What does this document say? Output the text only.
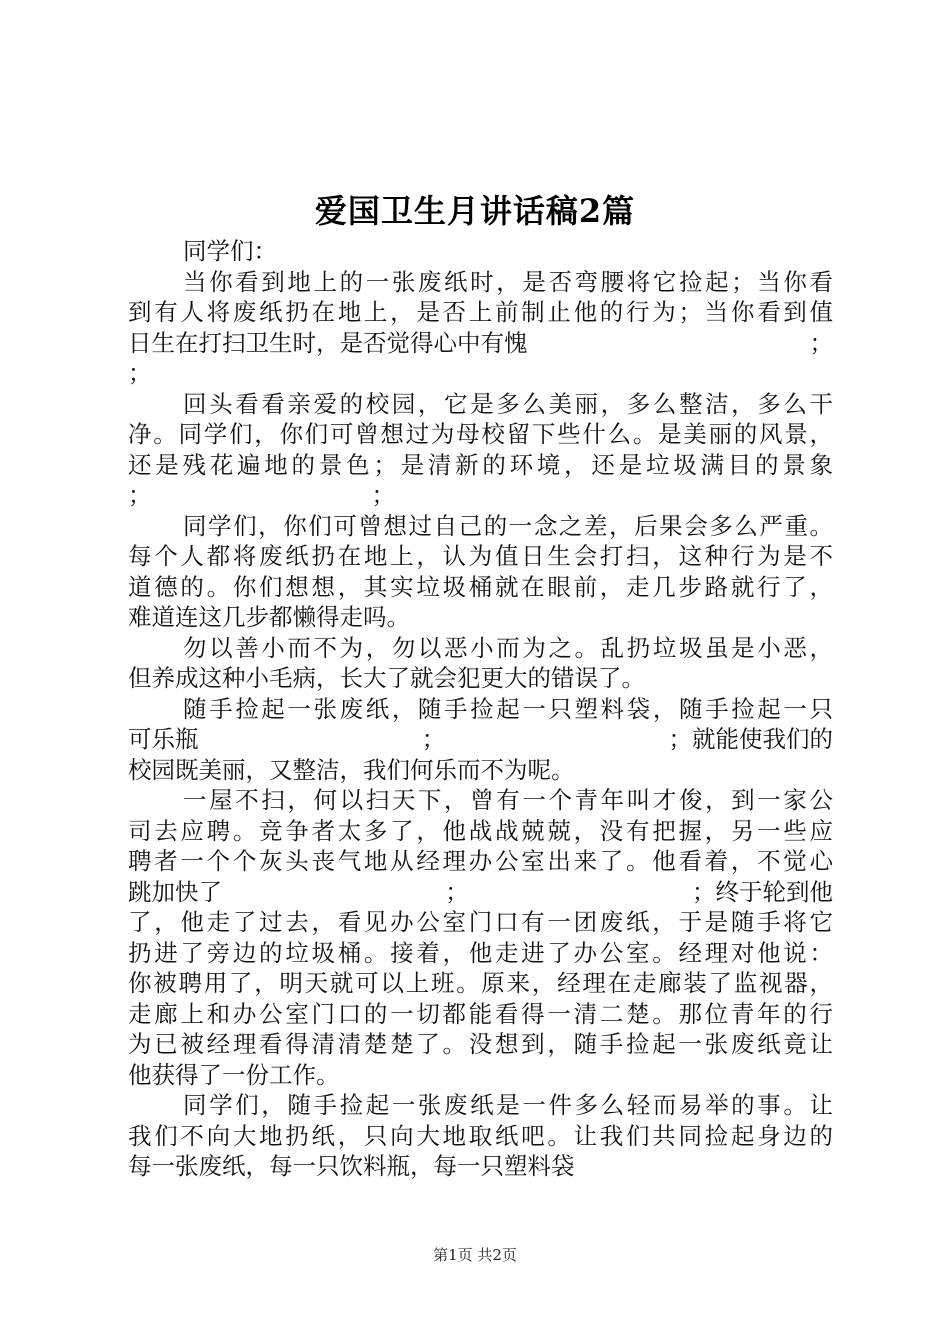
爱国卫生月讲话稿2篇
同学们：
当你看到地上的一张废纸时，是否弯腰将它捡起；当你看
到有人将废纸扔在地上，是否上前制止他的行为；当你看到值
日生在打扫卫生时，是否觉得心中有愧	；
；
回头看看亲爱的校园，它是多么美丽，多么整洁，多么干
净。同学们，你们可曾想过为母校留下些什么。是美丽的风景，
还是残花遍地的景色；是清新的环境，还是垃圾满目的景象
；	；
同学们，你们可曾想过自己的一念之差，后果会多么严重。
每个人都将废纸扔在地上，认为值日生会打扫，这种行为是不
道德的。你们想想，其实垃圾桶就在眼前，走几步路就行了，
难道连这几步都懒得走吗。
勿以善小而不为，勿以恶小而为之。乱扔垃圾虽是小恶，
但养成这种小毛病，长大了就会犯更大的错误了。
随手捡起一张废纸，随手捡起一只塑料袋，随手捡起一只
可乐瓶	；	；就能使我们的
校园既美丽，又整洁，我们何乐而不为呢。
一屋不扫，何以扫天下，曾有一个青年叫才俊，到一家公
司去应聘。竞争者太多了，他战战兢兢，没有把握，另一些应
聘者一个个灰头丧气地从经理办公室出来了。他看着，不觉心
跳加快了	；	；终于轮到他
了，他走了过去，看见办公室门口有一团废纸，于是随手将它
扔进了旁边的垃圾桶。接着，他走进了办公室。经理对他说：
你被聘用了，明天就可以上班。原来，经理在走廊装了监视器，
走廊上和办公室门口的一切都能看得一清二楚。那位青年的行
为已被经理看得清清楚楚了。没想到，随手捡起一张废纸竟让
他获得了一份工作。
同学们，随手捡起一张废纸是一件多么轻而易举的事。让
我们不向大地扔纸，只向大地取纸吧。让我们共同捡起身边的
每一张废纸，每一只饮料瓶，每一只塑料袋
第1页 共2页
